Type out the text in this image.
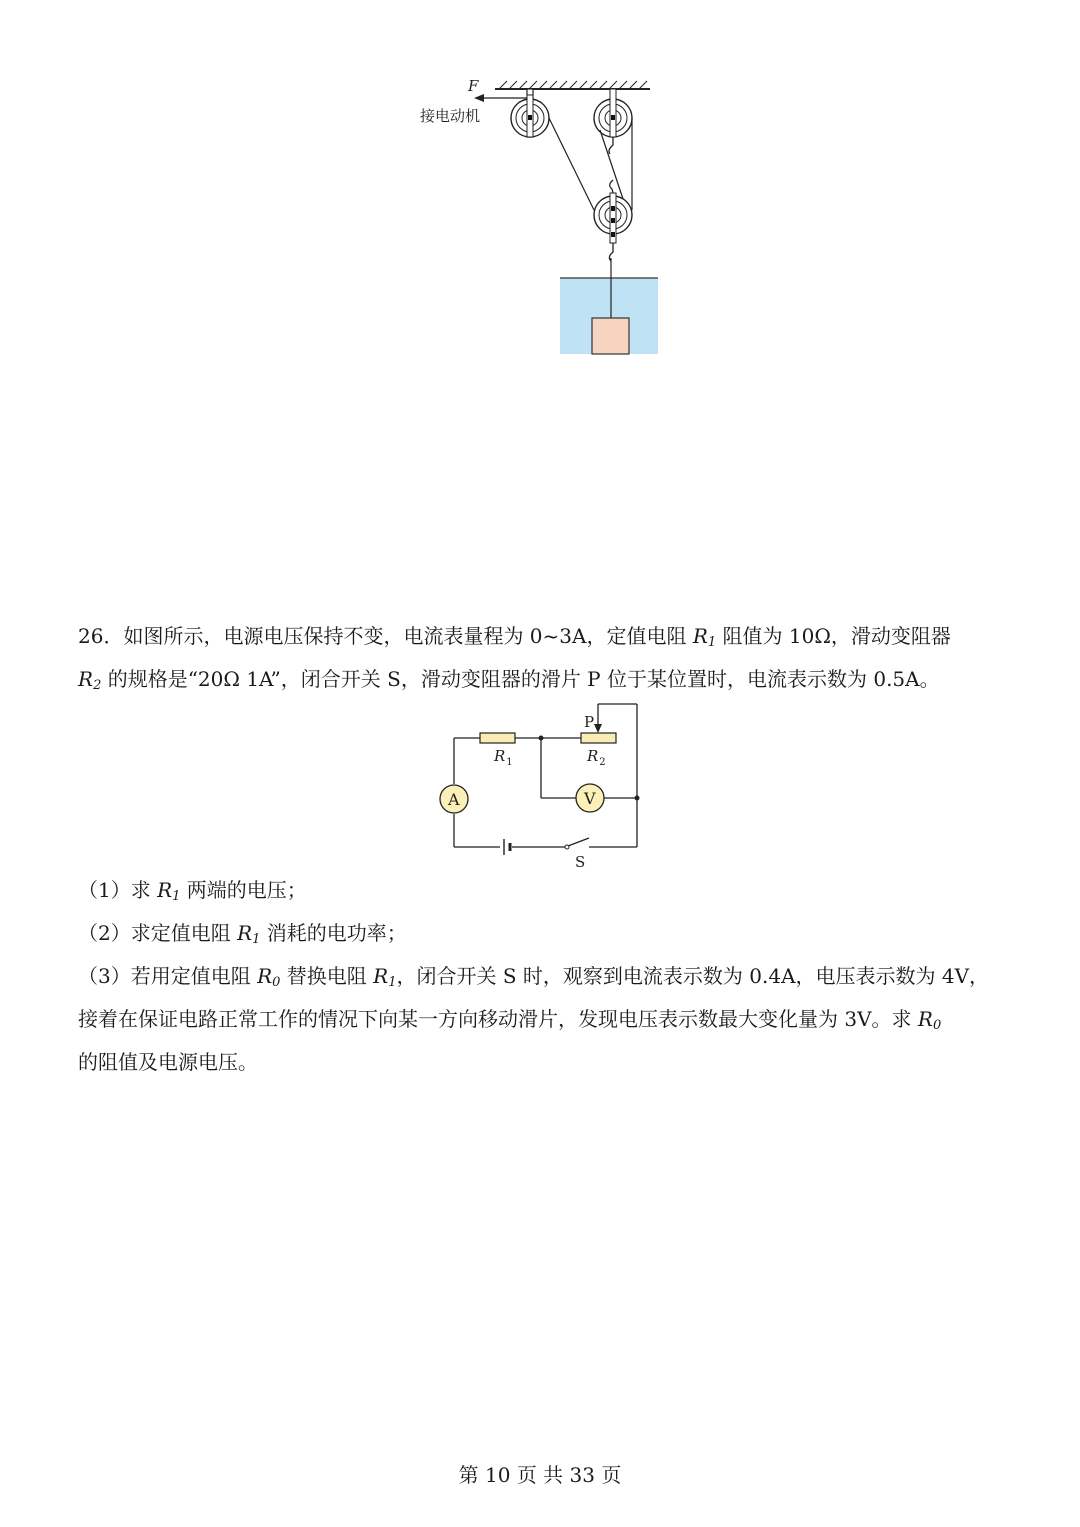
F
接电动机
26．如图所示，电源电压保持不变，电流表量程为 0~3A，定值电阻 $R_1$ 阻值为 10Ω，滑动变阻器
$R_2$ 的规格是“20Ω 1A”，闭合开关 S，滑动变阻器的滑片 P 位于某位置时，电流表示数为 0.5A。
A	V
P
S
$R_1$	$R_2$
（1）求 $R_1$ 两端的电压；
（2）求定值电阻 $R_1$ 消耗的电功率；
（3）若用定值电阻 $R_0$ 替换电阻 $R_1$，闭合开关 S 时，观察到电流表示数为 0.4A，电压表示数为 4V，
接着在保证电路正常工作的情况下向某一方向移动滑片，发现电压表示数最大变化量为 3V。求 $R_0$
的阻值及电源电压。
第 10 页 共 33 页
